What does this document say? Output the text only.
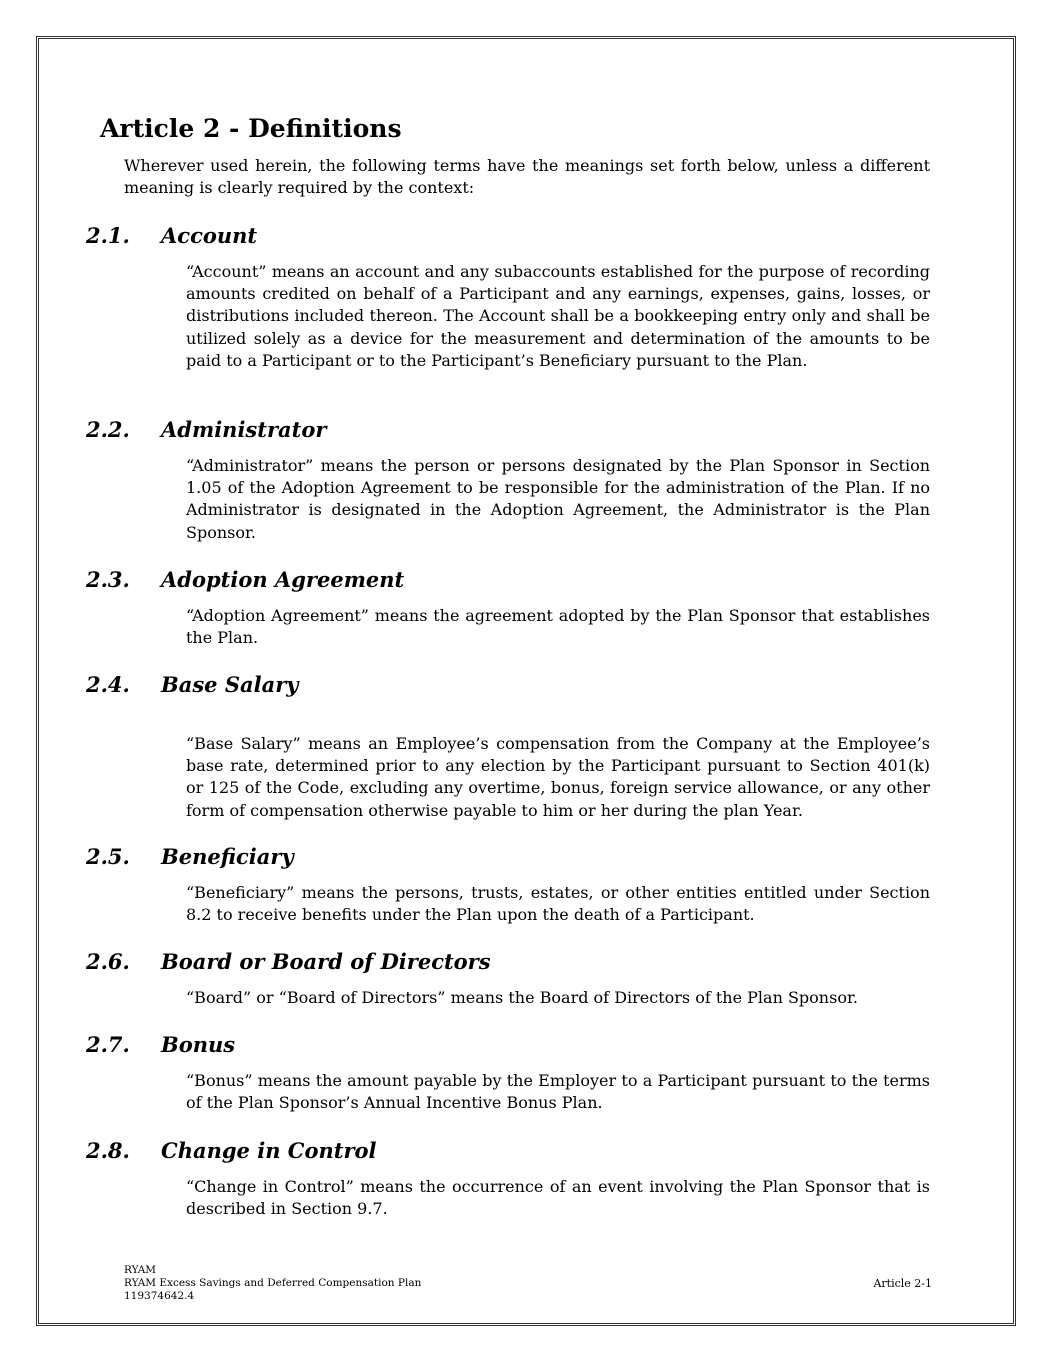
Article 2 - Definitions

Wherever used herein, the following terms have the meanings set forth below, unless a different meaning is clearly required by the context:

2.1. Account

“Account” means an account and any subaccounts established for the purpose of recording amounts credited on behalf of a Participant and any earnings, expenses, gains, losses, or distributions included thereon. The Account shall be a bookkeeping entry only and shall be utilized solely as a device for the measurement and determination of the amounts to be paid to a Participant or to the Participant’s Beneficiary pursuant to the Plan.

2.2. Administrator

“Administrator” means the person or persons designated by the Plan Sponsor in Section 1.05 of the Adoption Agreement to be responsible for the administration of the Plan. If no Administrator is designated in the Adoption Agreement, the Administrator is the Plan Sponsor.

2.3. Adoption Agreement

“Adoption Agreement” means the agreement adopted by the Plan Sponsor that establishes the Plan.

2.4. Base Salary

“Base Salary” means an Employee’s compensation from the Company at the Employee’s base rate, determined prior to any election by the Participant pursuant to Section 401(k) or 125 of the Code, excluding any overtime, bonus, foreign service allowance, or any other form of compensation otherwise payable to him or her during the plan Year.

2.5. Beneficiary

“Beneficiary” means the persons, trusts, estates, or other entities entitled under Section 8.2 to receive benefits under the Plan upon the death of a Participant.

2.6. Board or Board of Directors

“Board” or “Board of Directors” means the Board of Directors of the Plan Sponsor.

2.7. Bonus

“Bonus” means the amount payable by the Employer to a Participant pursuant to the terms of the Plan Sponsor’s Annual Incentive Bonus Plan.

2.8. Change in Control

“Change in Control” means the occurrence of an event involving the Plan Sponsor that is described in Section 9.7.

RYAM
RYAM Excess Savings and Deferred Compensation Plan
119374642.4
Article 2-1
